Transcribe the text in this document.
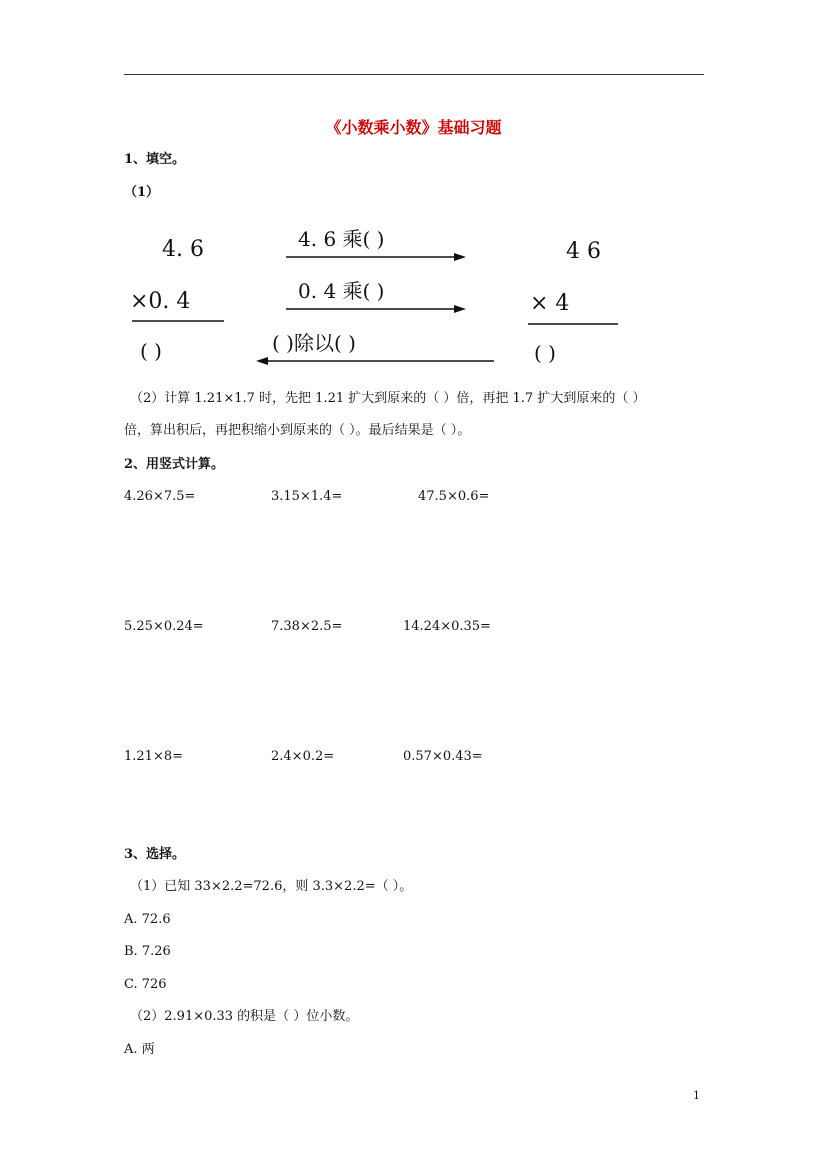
《小数乘小数》基础习题
1、填空。
（1）
4. 6
×0. 4
( )
4. 6 乘( )
0. 4 乘( )
( )除以( )
4 6
× 4
( )
（2）计算 1.21×1.7 时，先把 1.21 扩大到原来的（ ）倍，再把 1.7 扩大到原来的（ ）
倍，算出积后，再把积缩小到原来的（ ）。最后结果是（ ）。
2、用竖式计算。
4.26×7.5=	3.15×1.4=	47.5×0.6=
5.25×0.24=	7.38×2.5=	14.24×0.35=
1.21×8=	2.4×0.2=	0.57×0.43=
3、选择。
（1）已知 33×2.2=72.6，则 3.3×2.2=（ ）。
A. 72.6
B. 7.26
C. 726
（2）2.91×0.33 的积是（ ）位小数。
A. 两
1
